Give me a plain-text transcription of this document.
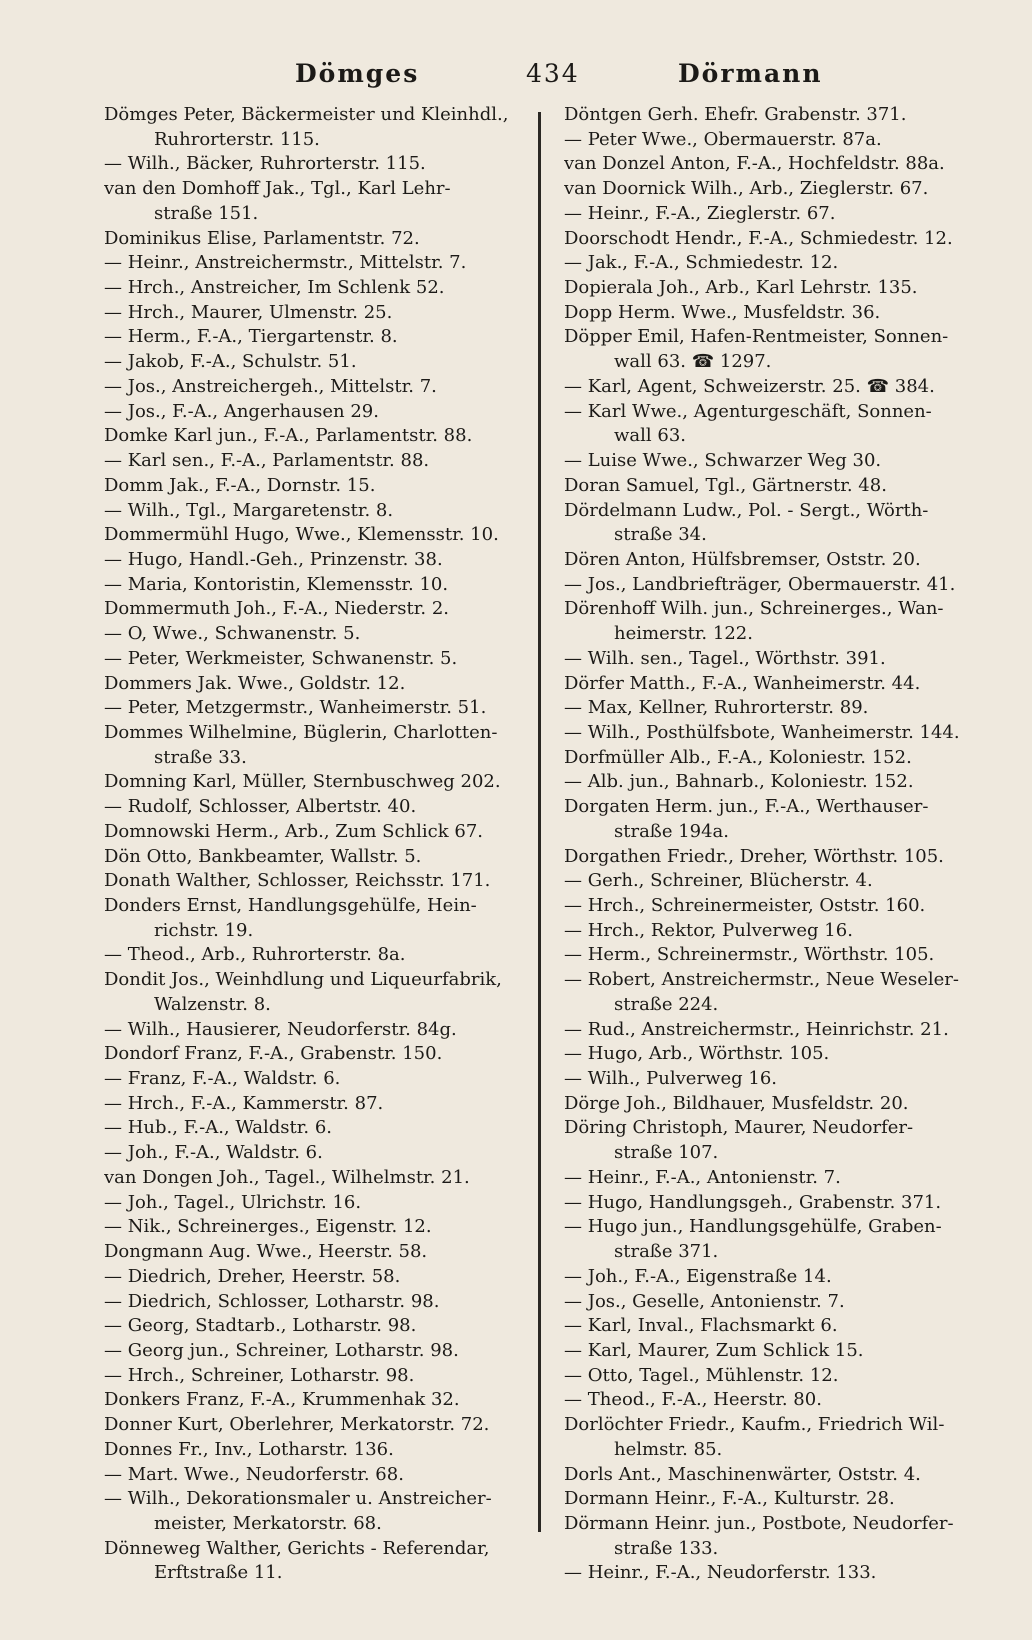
Dömges	434	Dörmann
Dömges Peter, Bäckermeister und Kleinhdl.,
Ruhrorterstr. 115.
— Wilh., Bäcker, Ruhrorterstr. 115.
van den Domhoff Jak., Tgl., Karl Lehr-
straße 151.
Dominikus Elise, Parlamentstr. 72.
— Heinr., Anstreichermstr., Mittelstr. 7.
— Hrch., Anstreicher, Im Schlenk 52.
— Hrch., Maurer, Ulmenstr. 25.
— Herm., F.-A., Tiergartenstr. 8.
— Jakob, F.-A., Schulstr. 51.
— Jos., Anstreichergeh., Mittelstr. 7.
— Jos., F.-A., Angerhausen 29.
Domke Karl jun., F.-A., Parlamentstr. 88.
— Karl sen., F.-A., Parlamentstr. 88.
Domm Jak., F.-A., Dornstr. 15.
— Wilh., Tgl., Margaretenstr. 8.
Dommermühl Hugo, Wwe., Klemensstr. 10.
— Hugo, Handl.-Geh., Prinzenstr. 38.
— Maria, Kontoristin, Klemensstr. 10.
Dommermuth Joh., F.-A., Niederstr. 2.
— O, Wwe., Schwanenstr. 5.
— Peter, Werkmeister, Schwanenstr. 5.
Dommers Jak. Wwe., Goldstr. 12.
— Peter, Metzgermstr., Wanheimerstr. 51.
Dommes Wilhelmine, Büglerin, Charlotten-
straße 33.
Domning Karl, Müller, Sternbuschweg 202.
— Rudolf, Schlosser, Albertstr. 40.
Domnowski Herm., Arb., Zum Schlick 67.
Dön Otto, Bankbeamter, Wallstr. 5.
Donath Walther, Schlosser, Reichsstr. 171.
Donders Ernst, Handlungsgehülfe, Hein-
richstr. 19.
— Theod., Arb., Ruhrorterstr. 8a.
Dondit Jos., Weinhdlung und Liqueurfabrik,
Walzenstr. 8.
— Wilh., Hausierer, Neudorferstr. 84g.
Dondorf Franz, F.-A., Grabenstr. 150.
— Franz, F.-A., Waldstr. 6.
— Hrch., F.-A., Kammerstr. 87.
— Hub., F.-A., Waldstr. 6.
— Joh., F.-A., Waldstr. 6.
van Dongen Joh., Tagel., Wilhelmstr. 21.
— Joh., Tagel., Ulrichstr. 16.
— Nik., Schreinerges., Eigenstr. 12.
Dongmann Aug. Wwe., Heerstr. 58.
— Diedrich, Dreher, Heerstr. 58.
— Diedrich, Schlosser, Lotharstr. 98.
— Georg, Stadtarb., Lotharstr. 98.
— Georg jun., Schreiner, Lotharstr. 98.
— Hrch., Schreiner, Lotharstr. 98.
Donkers Franz, F.-A., Krummenhak 32.
Donner Kurt, Oberlehrer, Merkatorstr. 72.
Donnes Fr., Inv., Lotharstr. 136.
— Mart. Wwe., Neudorferstr. 68.
— Wilh., Dekorationsmaler u. Anstreicher-
meister, Merkatorstr. 68.
Dönneweg Walther, Gerichts - Referendar,
Erftstraße 11.
Döntgen Gerh. Ehefr. Grabenstr. 371.
— Peter Wwe., Obermauerstr. 87a.
van Donzel Anton, F.-A., Hochfeldstr. 88a.
van Doornick Wilh., Arb., Zieglerstr. 67.
— Heinr., F.-A., Zieglerstr. 67.
Doorschodt Hendr., F.-A., Schmiedestr. 12.
— Jak., F.-A., Schmiedestr. 12.
Dopierala Joh., Arb., Karl Lehrstr. 135.
Dopp Herm. Wwe., Musfeldstr. 36.
Döpper Emil, Hafen-Rentmeister, Sonnen-
wall 63. ☎ 1297.
— Karl, Agent, Schweizerstr. 25. ☎ 384.
— Karl Wwe., Agenturgeschäft, Sonnen-
wall 63.
— Luise Wwe., Schwarzer Weg 30.
Doran Samuel, Tgl., Gärtnerstr. 48.
Dördelmann Ludw., Pol. - Sergt., Wörth-
straße 34.
Dören Anton, Hülfsbremser, Oststr. 20.
— Jos., Landbriefträger, Obermauerstr. 41.
Dörenhoff Wilh. jun., Schreinerges., Wan-
heimerstr. 122.
— Wilh. sen., Tagel., Wörthstr. 391.
Dörfer Matth., F.-A., Wanheimerstr. 44.
— Max, Kellner, Ruhrorterstr. 89.
— Wilh., Posthülfsbote, Wanheimerstr. 144.
Dorfmüller Alb., F.-A., Koloniestr. 152.
— Alb. jun., Bahnarb., Koloniestr. 152.
Dorgaten Herm. jun., F.-A., Werthauser-
straße 194a.
Dorgathen Friedr., Dreher, Wörthstr. 105.
— Gerh., Schreiner, Blücherstr. 4.
— Hrch., Schreinermeister, Oststr. 160.
— Hrch., Rektor, Pulverweg 16.
— Herm., Schreinermstr., Wörthstr. 105.
— Robert, Anstreichermstr., Neue Weseler-
straße 224.
— Rud., Anstreichermstr., Heinrichstr. 21.
— Hugo, Arb., Wörthstr. 105.
— Wilh., Pulverweg 16.
Dörge Joh., Bildhauer, Musfeldstr. 20.
Döring Christoph, Maurer, Neudorfer-
straße 107.
— Heinr., F.-A., Antonienstr. 7.
— Hugo, Handlungsgeh., Grabenstr. 371.
— Hugo jun., Handlungsgehülfe, Graben-
straße 371.
— Joh., F.-A., Eigenstraße 14.
— Jos., Geselle, Antonienstr. 7.
— Karl, Inval., Flachsmarkt 6.
— Karl, Maurer, Zum Schlick 15.
— Otto, Tagel., Mühlenstr. 12.
— Theod., F.-A., Heerstr. 80.
Dorlöchter Friedr., Kaufm., Friedrich Wil-
helmstr. 85.
Dorls Ant., Maschinenwärter, Oststr. 4.
Dormann Heinr., F.-A., Kulturstr. 28.
Dörmann Heinr. jun., Postbote, Neudorfer-
straße 133.
— Heinr., F.-A., Neudorferstr. 133.
